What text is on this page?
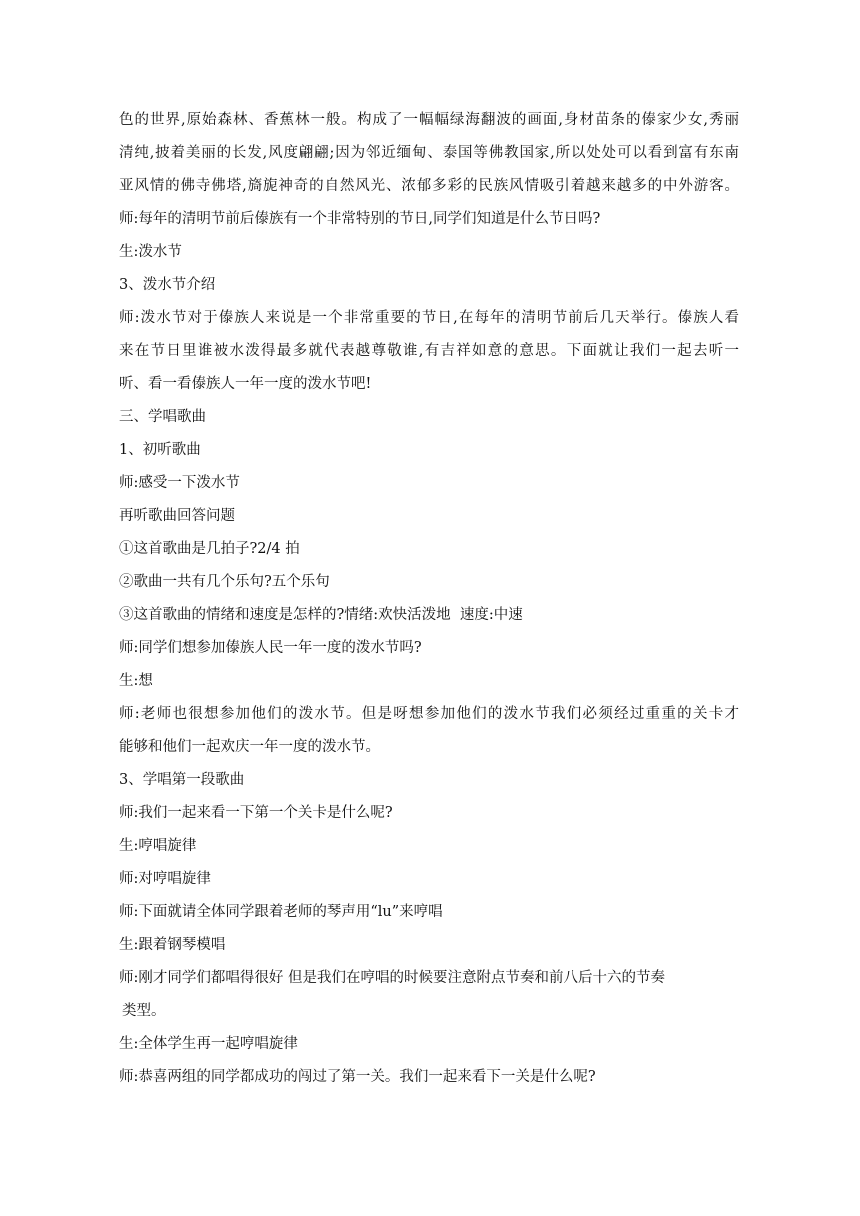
色的世界,原始森林、香蕉林一般。构成了一幅幅绿海翻波的画面,身材苗条的傣家少女,秀丽
清纯,披着美丽的长发,风度翩翩;因为邻近缅甸、泰国等佛教国家,所以处处可以看到富有东南
亚风情的佛寺佛塔,旖旎神奇的自然风光、浓郁多彩的民族风情吸引着越来越多的中外游客。
师:每年的清明节前后傣族有一个非常特别的节日,同学们知道是什么节日吗?
生:泼水节
3、泼水节介绍
师:泼水节对于傣族人来说是一个非常重要的节日,在每年的清明节前后几天举行。傣族人看
来在节日里谁被水泼得最多就代表越尊敬谁,有吉祥如意的意思。下面就让我们一起去听一
听、看一看傣族人一年一度的泼水节吧!
三、学唱歌曲
1、初听歌曲
师:感受一下泼水节
再听歌曲回答问题
①这首歌曲是几拍子?2/4 拍
②歌曲一共有几个乐句?五个乐句
③这首歌曲的情绪和速度是怎样的?情绪:欢快活泼地  速度:中速
师:同学们想参加傣族人民一年一度的泼水节吗?
生:想
师:老师也很想参加他们的泼水节。但是呀想参加他们的泼水节我们必须经过重重的关卡才
能够和他们一起欢庆一年一度的泼水节。
3、学唱第一段歌曲
师:我们一起来看一下第一个关卡是什么呢?
生:哼唱旋律
师:对哼唱旋律
师:下面就请全体同学跟着老师的琴声用“lu”来哼唱
生:跟着钢琴模唱
师:刚才同学们都唱得很好 但是我们在哼唱的时候要注意附点节奏和前八后十六的节奏
类型。
生:全体学生再一起哼唱旋律
师:恭喜两组的同学都成功的闯过了第一关。我们一起来看下一关是什么呢?
